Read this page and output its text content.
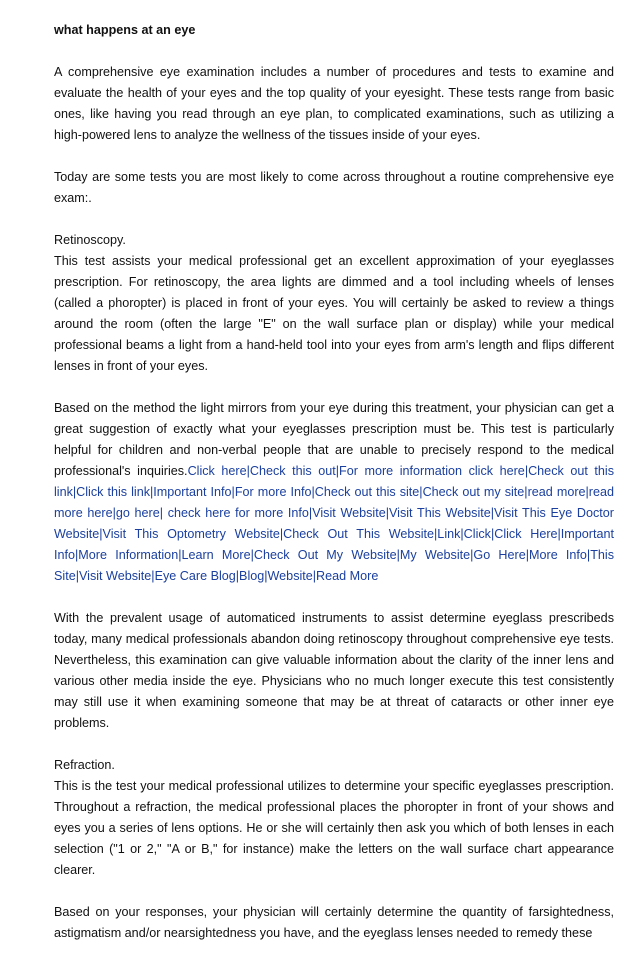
what happens at an eye

A comprehensive eye examination includes a number of procedures and tests to examine and evaluate the health of your eyes and the top quality of your eyesight. These tests range from basic ones, like having you read through an eye plan, to complicated examinations, such as utilizing a high-powered lens to analyze the wellness of the tissues inside of your eyes.

Today are some tests you are most likely to come across throughout a routine comprehensive eye exam:.

Retinoscopy.
This test assists your medical professional get an excellent approximation of your eyeglasses prescription. For retinoscopy, the area lights are dimmed and a tool including wheels of lenses (called a phoropter) is placed in front of your eyes. You will certainly be asked to review a things around the room (often the large "E" on the wall surface plan or display) while your medical professional beams a light from a hand-held tool into your eyes from arm's length and flips different lenses in front of your eyes.

Based on the method the light mirrors from your eye during this treatment, your physician can get a great suggestion of exactly what your eyeglasses prescription must be. This test is particularly helpful for children and non-verbal people that are unable to precisely respond to the medical professional's inquiries.Click here|Check this out|For more information click here|Check out this link|Click this link|Important Info|For more Info|Check out this site|Check out my site|read more|read more here|go here| check here for more Info|Visit Website|Visit This Website|Visit This Eye Doctor Website|Visit This Optometry Website|Check Out This Website|Link|Click|Click Here|Important Info|More Information|Learn More|Check Out My Website|My Website|Go Here|More Info|This Site|Visit Website|Eye Care Blog|Blog|Website|Read More

With the prevalent usage of automaticed instruments to assist determine eyeglass prescribeds today, many medical professionals abandon doing retinoscopy throughout comprehensive eye tests. Nevertheless, this examination can give valuable information about the clarity of the inner lens and various other media inside the eye. Physicians who no much longer execute this test consistently may still use it when examining someone that may be at threat of cataracts or other inner eye problems.

Refraction.
This is the test your medical professional utilizes to determine your specific eyeglasses prescription. Throughout a refraction, the medical professional places the phoropter in front of your shows and eyes you a series of lens options. He or she will certainly then ask you which of both lenses in each selection ("1 or 2," "A or B," for instance) make the letters on the wall surface chart appearance clearer.

Based on your responses, your physician will certainly determine the quantity of farsightedness, astigmatism and/or nearsightedness you have, and the eyeglass lenses needed to remedy these
